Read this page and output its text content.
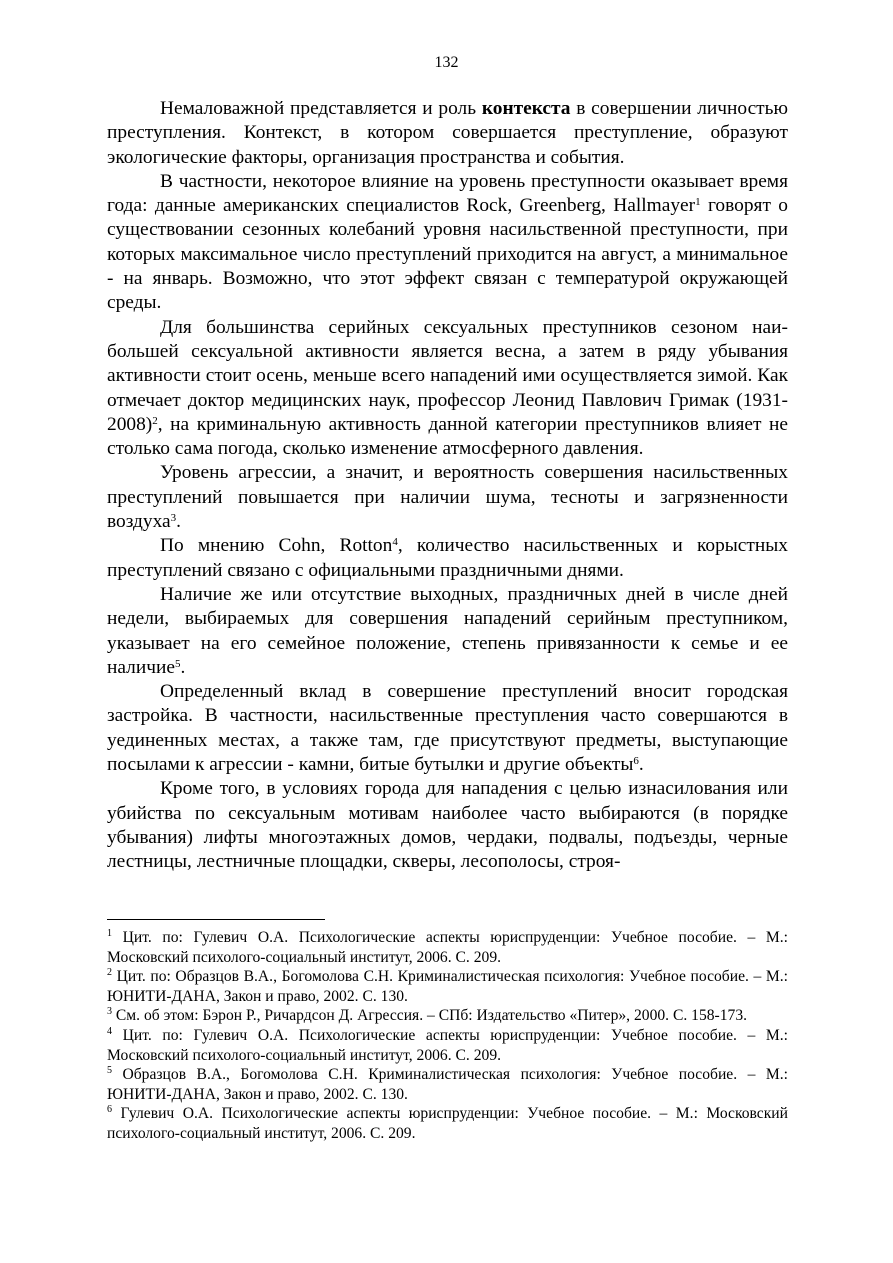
132

Немаловажной представляется и роль контекста в совершении личностью преступления. Контекст, в котором совершается преступление, образуют экологические факторы, организация пространства и события.

В частности, некоторое влияние на уровень преступности оказывает время года: данные американских специалистов Rock, Greenberg, Hallmayer$^1$ говорят о существовании сезонных колебаний уровня насильственной преступности, при которых максимальное число преступлений приходится на август, а минимальное - на январь. Возможно, что этот эффект связан с температурой окружающей среды.

Для большинства серийных сексуальных преступников сезоном наибольшей сексуальной активности является весна, а затем в ряду убывания активности стоит осень, меньше всего нападений ими осуществляется зимой. Как отмечает доктор медицинских наук, профессор Леонид Павлович Гримак (1931-2008)$^2$, на криминальную активность данной категории преступников влияет не столько сама погода, сколько изменение атмосферного давления.

Уровень агрессии, а значит, и вероятность совершения насильственных преступлений повышается при наличии шума, тесноты и загрязненности воздуха$^3$.

По мнению Cohn, Rotton$^4$, количество насильственных и корыстных преступлений связано с официальными праздничными днями.

Наличие же или отсутствие выходных, праздничных дней в числе дней недели, выбираемых для совершения нападений серийным преступником, указывает на его семейное положение, степень привязанности к семье и ее наличие$^5$.

Определенный вклад в совершение преступлений вносит городская застройка. В частности, насильственные преступления часто совершаются в уединенных местах, а также там, где присутствуют предметы, выступающие посылами к агрессии - камни, битые бутылки и другие объекты$^6$.

Кроме того, в условиях города для нападения с целью изнасилования или убийства по сексуальным мотивам наиболее часто выбираются (в порядке убывания) лифты многоэтажных домов, чердаки, подвалы, подъезды, черные лестницы, лестничные площадки, скверы, лесополосы, строя-

$^1$ Цит. по: Гулевич О.А. Психологические аспекты юриспруденции: Учебное пособие. – М.: Московский психолого-социальный институт, 2006. С. 209.

$^2$ Цит. по: Образцов В.А., Богомолова С.Н. Криминалистическая психология: Учебное пособие. – М.: ЮНИТИ-ДАНА, Закон и право, 2002. С. 130.

$^3$ См. об этом: Бэрон Р., Ричардсон Д. Агрессия. – СПб: Издательство «Питер», 2000. С. 158-173.

$^4$ Цит. по: Гулевич О.А. Психологические аспекты юриспруденции: Учебное пособие. – М.: Московский психолого-социальный институт, 2006. С. 209.

$^5$ Образцов В.А., Богомолова С.Н. Криминалистическая психология: Учебное пособие. – М.: ЮНИТИ-ДАНА, Закон и право, 2002. С. 130.

$^6$ Гулевич О.А. Психологические аспекты юриспруденции: Учебное пособие. – М.: Московский психолого-социальный институт, 2006. С. 209.
